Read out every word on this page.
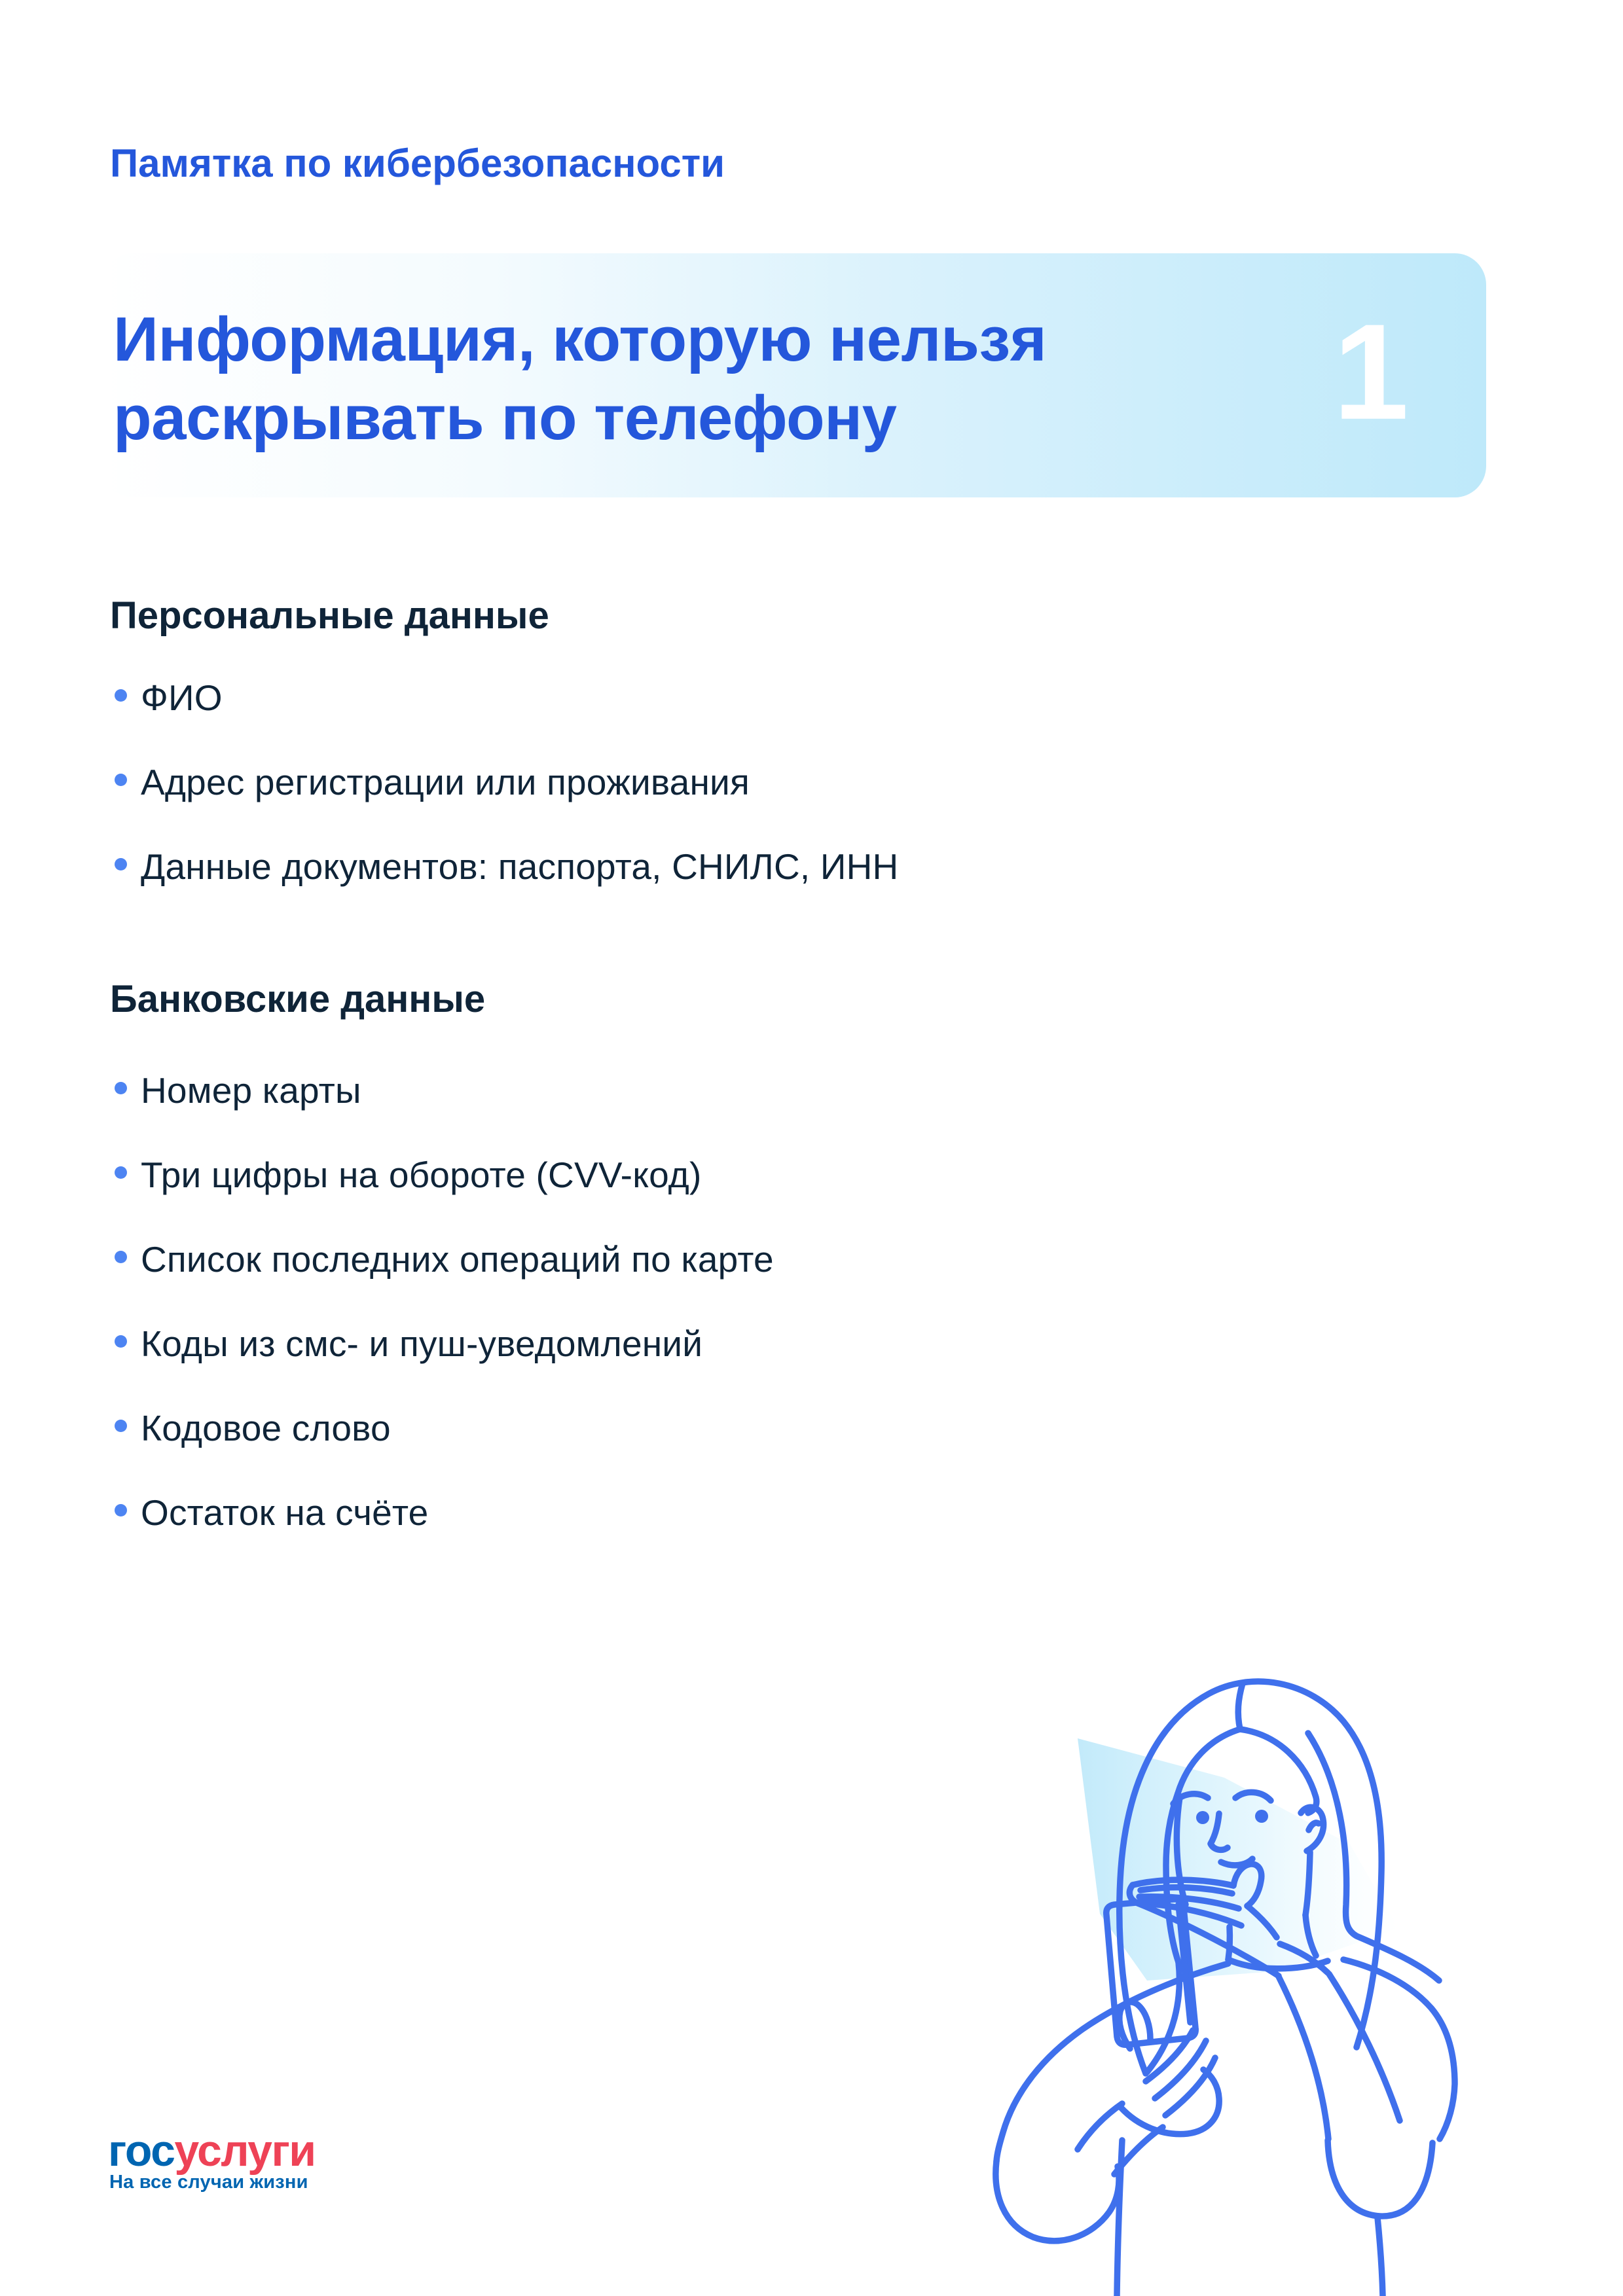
Памятка по кибербезопасности
Информация, которую нельзя
раскрывать по телефону	1
Персональные данные
ФИО
Адрес регистрации или проживания
Данные документов: паспорта, СНИЛС, ИНН
Банковские данные
Номер карты
Три цифры на обороте (CVV-код)
Список последних операций по карте
Коды из смс- и пуш-уведомлений
Кодовое слово
Остаток на счёте
госуслуги
На все случаи жизни
